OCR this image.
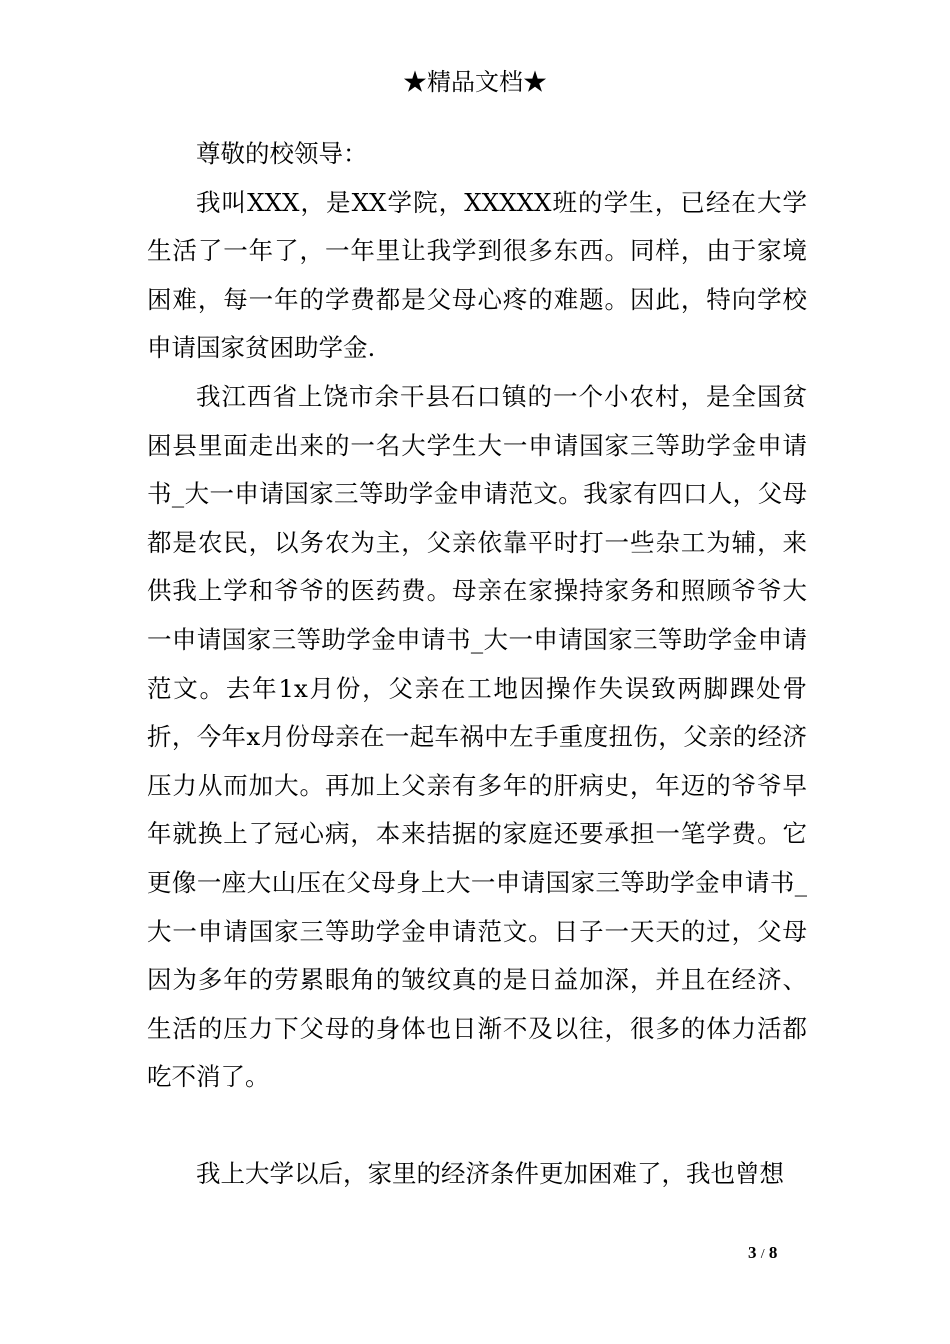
★精品文档★

尊敬的校领导：

我叫XXX，是XX学院，XXXXX班的学生，已经在大学生活了一年了，一年里让我学到很多东西。同样，由于家境困难，每一年的学费都是父母心疼的难题。因此，特向学校申请国家贫困助学金.

我江西省上饶市余干县石口镇的一个小农村，是全国贫困县里面走出来的一名大学生大一申请国家三等助学金申请书_大一申请国家三等助学金申请范文。我家有四口人，父母都是农民，以务农为主，父亲依靠平时打一些杂工为辅，来供我上学和爷爷的医药费。母亲在家操持家务和照顾爷爷大一申请国家三等助学金申请书_大一申请国家三等助学金申请范文。去年1x月份，父亲在工地因操作失误致两脚踝处骨折，今年x月份母亲在一起车祸中左手重度扭伤，父亲的经济压力从而加大。再加上父亲有多年的肝病史，年迈的爷爷早年就换上了冠心病，本来拮据的家庭还要承担一笔学费。它更像一座大山压在父母身上大一申请国家三等助学金申请书_大一申请国家三等助学金申请范文。日子一天天的过，父母因为多年的劳累眼角的皱纹真的是日益加深，并且在经济、生活的压力下父母的身体也日渐不及以往，很多的体力活都吃不消了。

我上大学以后，家里的经济条件更加困难了，我也曾想

3 / 8
